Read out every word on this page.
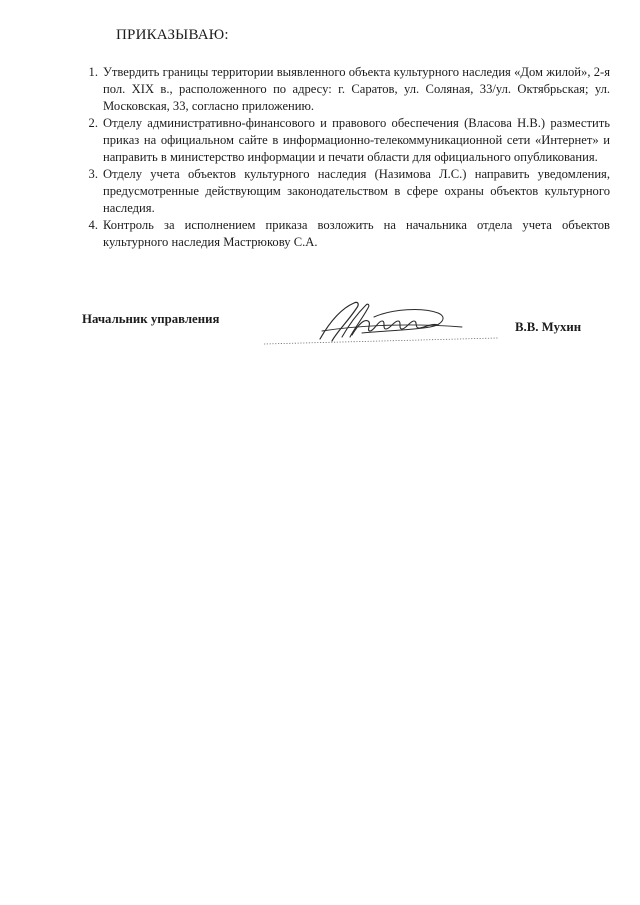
ПРИКАЗЫВАЮ:
1. Утвердить границы территории выявленного объекта культурного наследия «Дом жилой», 2-я пол. XIX в., расположенного по адресу: г. Саратов, ул. Соляная, 33/ул. Октябрьская; ул. Московская, 33, согласно приложению.
2. Отделу административно-финансового и правового обеспечения (Власова Н.В.) разместить приказ на официальном сайте в информационно-телекоммуникационной сети «Интернет» и направить в министерство информации и печати области для официального опубликования.
3. Отделу учета объектов культурного наследия (Назимова Л.С.) направить уведомления, предусмотренные действующим законодательством в сфере охраны объектов культурного наследия.
4. Контроль за исполнением приказа возложить на начальника отдела учета объектов культурного наследия Мастрюкову С.А.
Начальник управления
В.В. Мухин
